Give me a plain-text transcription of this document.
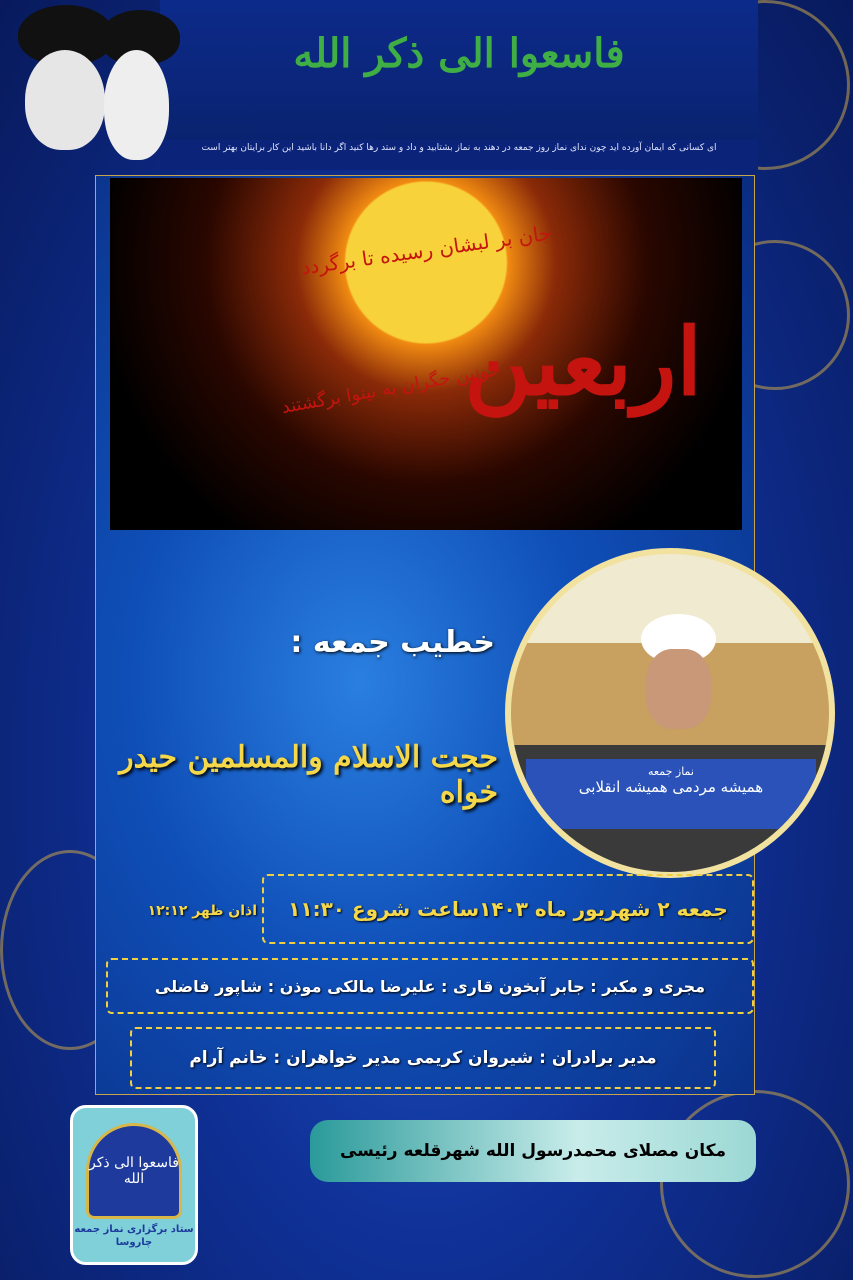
فاسعوا الی ذکر الله
ای کسانی که ایمان آورده اید چون ندای نماز روز جمعه در دهند به نماز بشتابید و داد و ستد رها کنید اگر دانا باشید این کار برایتان بهتر است
جان بر لبشان رسیده تا برگردد
خونین جگران به نینوا برگشتند
اربعین
خطیب جمعه :
حجت الاسلام والمسلمین حیدر خواه
نماز جمعه
همیشه مردمی همیشه انقلابی
جمعه ۲ شهریور ماه ۱۴۰۳ساعت شروع ۱۱:۳۰
اذان ظهر ۱۲:۱۲
مجری و مکبر : جابر آبخون قاری : علیرضا مالکی موذن : شاپور فاضلی
مدیر برادران : شیروان کریمی مدیر خواهران : خانم آرام
مکان مصلای محمدرسول الله شهرقلعه رئیسی
فاسعوا الی ذکر الله
ستاد برگزاری نماز جمعه
چاروسا
